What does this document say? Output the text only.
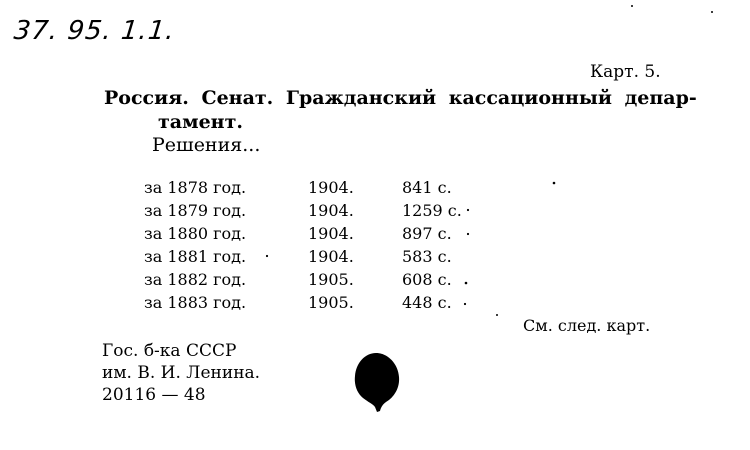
37. 95. 1.1.
Карт. 5.
Россия. Сенат. Гражданский кассационный депар-
тамент.
Решения...
за 1878 год.	1904.	841 с.
за 1879 год.	1904.	1259 с.
за 1880 год.	1904.	897 с.
за 1881 год.	1904.	583 с.
за 1882 год.	1905.	608 с.
за 1883 год.	1905.	448 с.
См. след. карт.
Гос. б-ка СССР
им. В. И. Ленина.
20116 — 48
